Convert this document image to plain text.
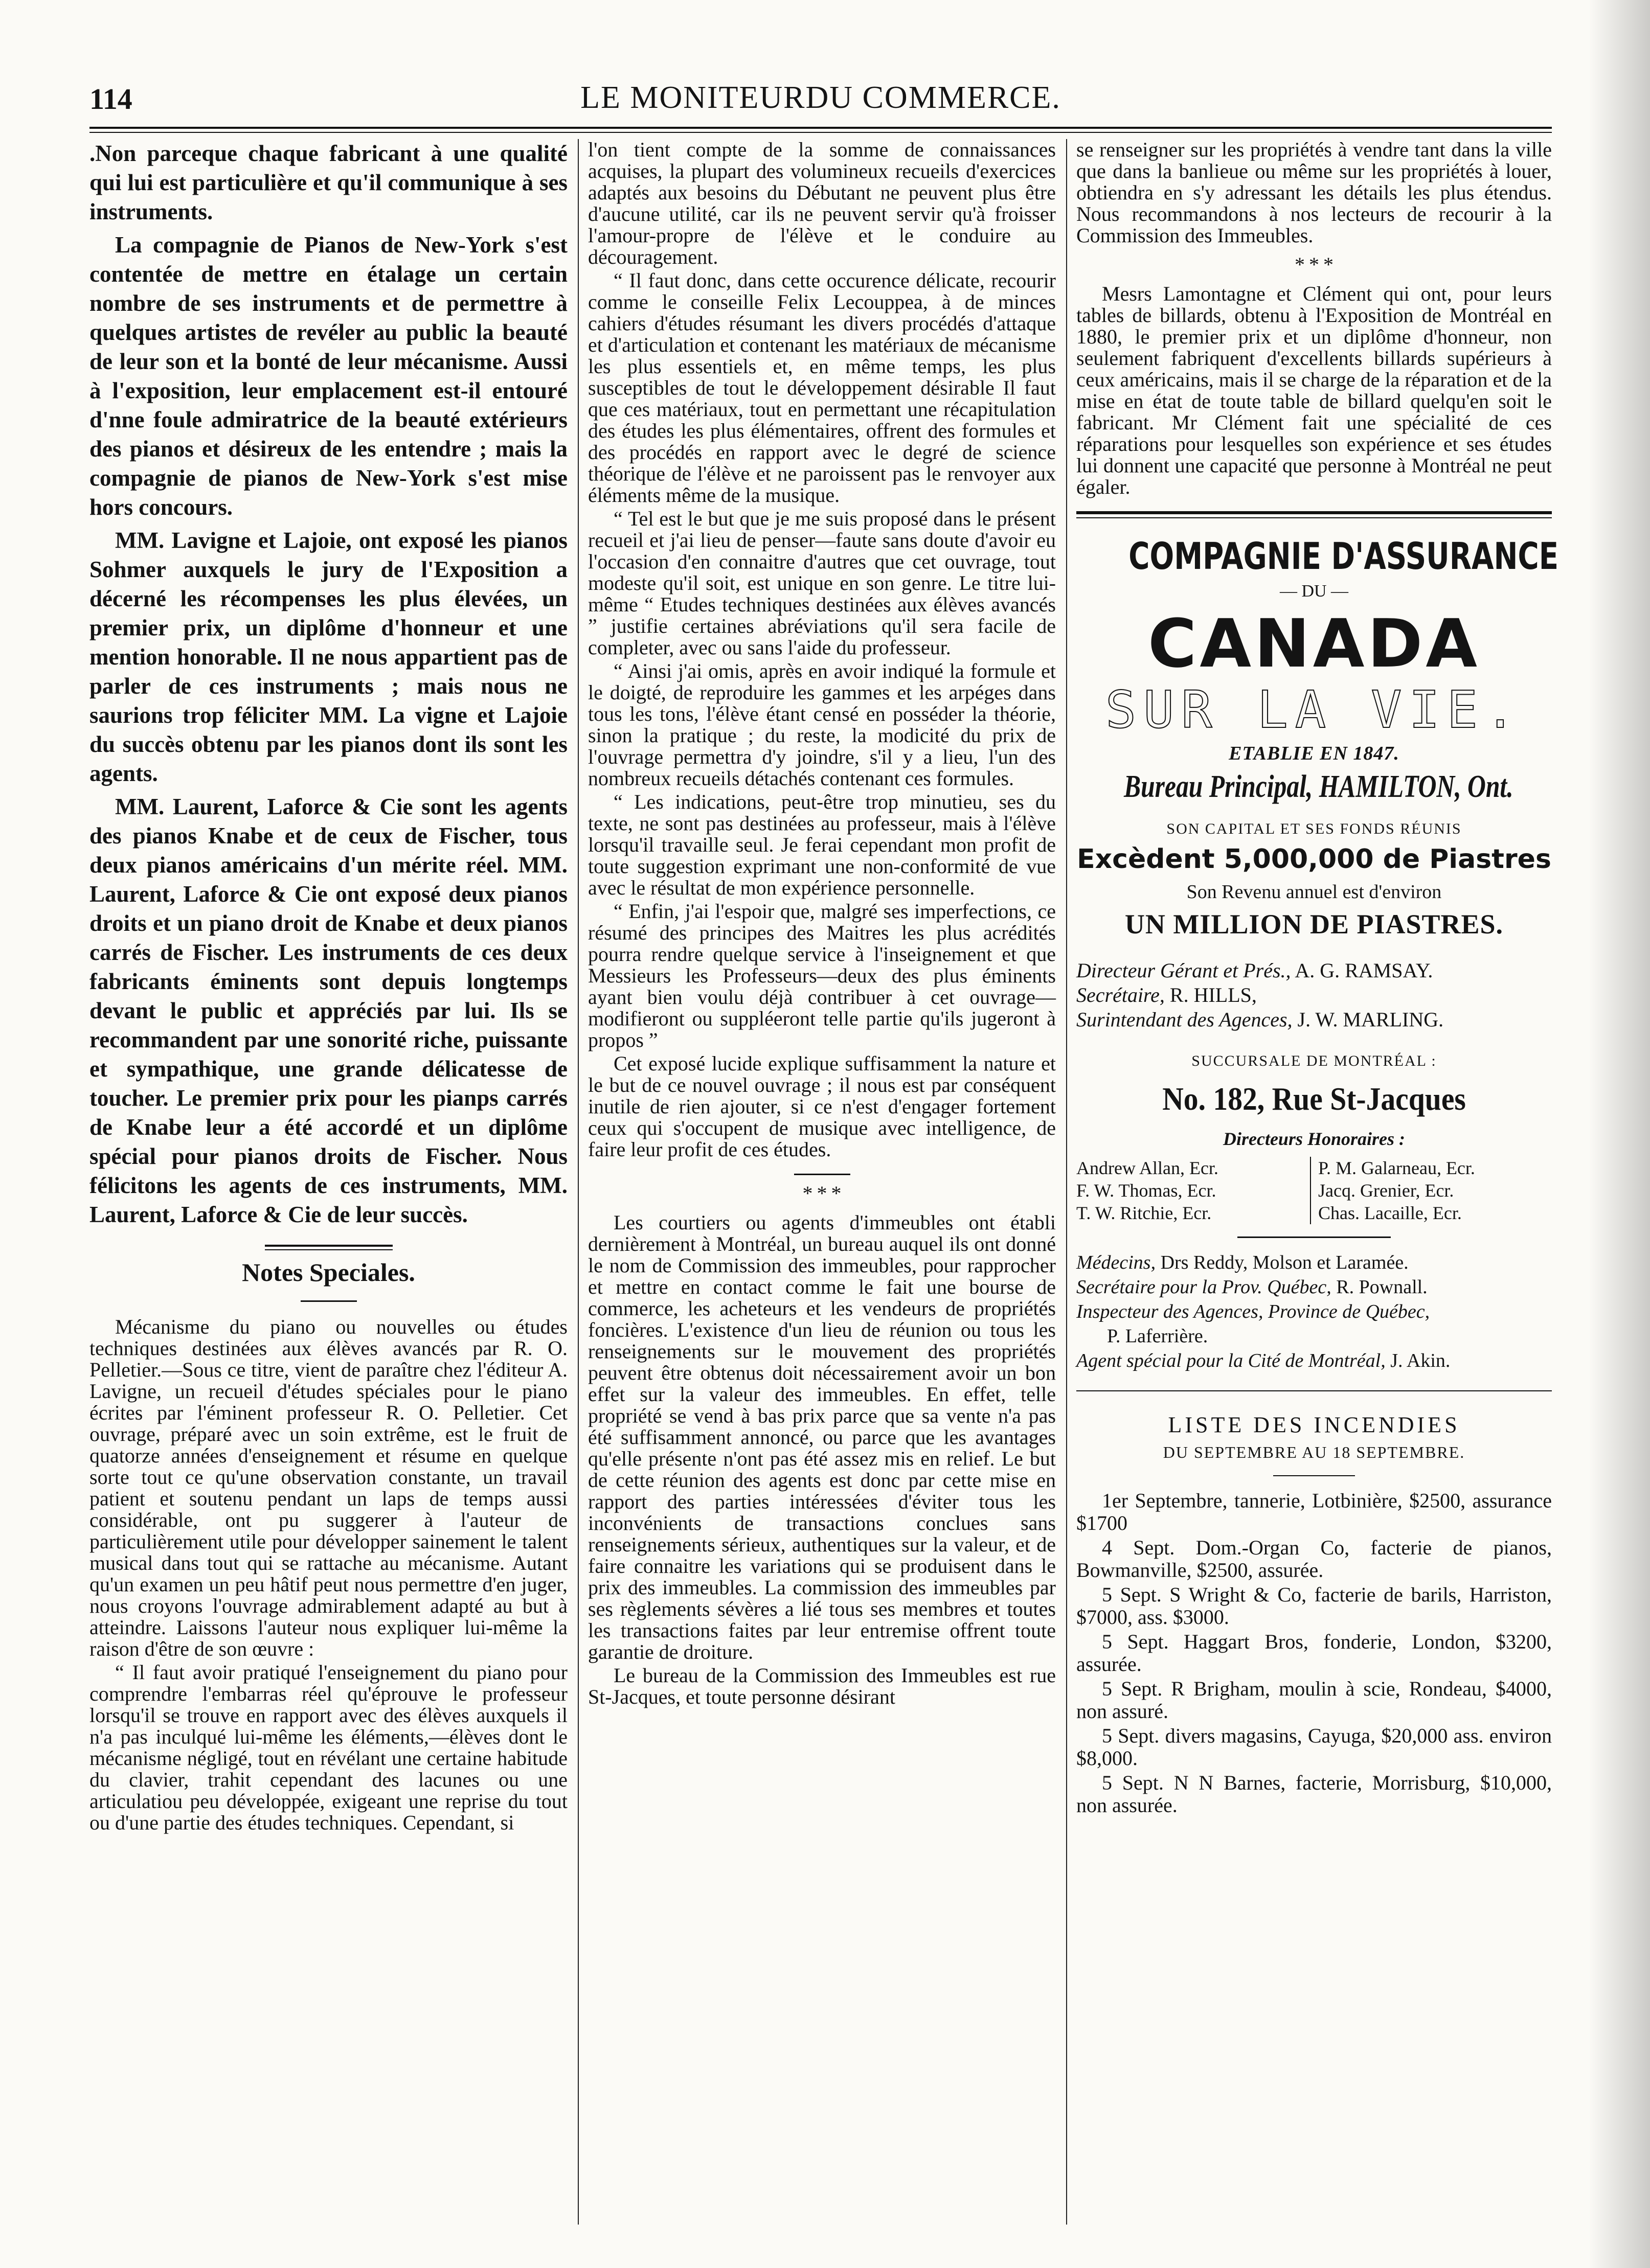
114	LE MONITEURDU COMMERCE.

.Non parceque chaque fabricant à une qualité qui lui est particulière et qu'il communique à ses instruments.

La compagnie de Pianos de New-York s'est contentée de mettre en étalage un certain nombre de ses instruments et de permettre à quelques artistes de revéler au public la beauté de leur son et la bonté de leur mécanisme. Aussi à l'exposition, leur emplacement est-il entouré d'nne foule admiratrice de la beauté extérieurs des pianos et désireux de les entendre ; mais la compagnie de pianos de New-York s'est mise hors concours.

MM. Lavigne et Lajoie, ont exposé les pianos Sohmer auxquels le jury de l'Exposition a décerné les récompenses les plus élevées, un premier prix, un diplôme d'honneur et une mention honorable. Il ne nous appartient pas de parler de ces instruments ; mais nous ne saurions trop féliciter MM. La vigne et Lajoie du succès obtenu par les pianos dont ils sont les agents.

MM. Laurent, Laforce & Cie sont les agents des pianos Knabe et de ceux de Fischer, tous deux pianos américains d'un mérite réel. MM. Laurent, Laforce & Cie ont exposé deux pianos droits et un piano droit de Knabe et deux pianos carrés de Fischer. Les instruments de ces deux fabricants éminents sont depuis longtemps devant le public et appréciés par lui. Ils se recommandent par une sonorité riche, puissante et sympathique, une grande délicatesse de toucher. Le premier prix pour les pianps carrés de Knabe leur a été accordé et un diplôme spécial pour pianos droits de Fischer. Nous félicitons les agents de ces instruments, MM. Laurent, Laforce & Cie de leur succès.

Notes Speciales.

Mécanisme du piano ou nouvelles ou études techniques destinées aux élèves avancés par R. O. Pelletier.—Sous ce titre, vient de paraître chez l'éditeur A. Lavigne, un recueil d'études spéciales pour le piano écrites par l'éminent professeur R. O. Pelletier. Cet ouvrage, préparé avec un soin extrême, est le fruit de quatorze années d'enseignement et résume en quelque sorte tout ce qu'une observation constante, un travail patient et soutenu pendant un laps de temps aussi considérable, ont pu suggerer à l'auteur de particulièrement utile pour développer sainement le talent musical dans tout qui se rattache au mécanisme. Autant qu'un examen un peu hâtif peut nous permettre d'en juger, nous croyons l'ouvrage admirablement adapté au but à atteindre. Laissons l'auteur nous expliquer lui-même la raison d'être de son œuvre :

“ Il faut avoir pratiqué l'enseignement du piano pour comprendre l'embarras réel qu'éprouve le professeur lorsqu'il se trouve en rapport avec des élèves auxquels il n'a pas inculqué lui-même les éléments,—élèves dont le mécanisme négligé, tout en révélant une certaine habitude du clavier, trahit cependant des lacunes ou une articulatiou peu développée, exigeant une reprise du tout ou d'une partie des études techniques. Cependant, si

l'on tient compte de la somme de connaissances acquises, la plupart des volumineux recueils d'exercices adaptés aux besoins du Débutant ne peuvent plus être d'aucune utilité, car ils ne peuvent servir qu'à froisser l'amour-propre de l'élève et le conduire au découragement.

“ Il faut donc, dans cette occurence délicate, recourir comme le conseille Felix Lecouppea, à de minces cahiers d'études résumant les divers procédés d'attaque et d'articulation et contenant les matériaux de mécanisme les plus essentiels et, en même temps, les plus susceptibles de tout le développement désirable Il faut que ces matériaux, tout en permettant une récapitulation des études les plus élémentaires, offrent des formules et des procédés en rapport avec le degré de science théorique de l'élève et ne paroissent pas le renvoyer aux éléments même de la musique.

“ Tel est le but que je me suis proposé dans le présent recueil et j'ai lieu de penser—faute sans doute d'avoir eu l'occasion d'en connaitre d'autres que cet ouvrage, tout modeste qu'il soit, est unique en son genre. Le titre lui-même “ Etudes techniques destinées aux élèves avancés ” justifie certaines abréviations qu'il sera facile de completer, avec ou sans l'aide du professeur.

“ Ainsi j'ai omis, après en avoir indiqué la formule et le doigté, de reproduire les gammes et les arpéges dans tous les tons, l'élève étant censé en posséder la théorie, sinon la pratique ; du reste, la modicité du prix de l'ouvrage permettra d'y joindre, s'il y a lieu, l'un des nombreux recueils détachés contenant ces formules.

“ Les indications, peut-être trop minutieu, ses du texte, ne sont pas destinées au professeur, mais à l'élève lorsqu'il travaille seul. Je ferai cependant mon profit de toute suggestion exprimant une non-conformité de vue avec le résultat de mon expérience personnelle.

“ Enfin, j'ai l'espoir que, malgré ses imperfections, ce résumé des principes des Maitres les plus acrédités pourra rendre quelque service à l'inseignement et que Messieurs les Professeurs—deux des plus éminents ayant bien voulu déjà contribuer à cet ouvrage—modifieront ou suppléeront telle partie qu'ils jugeront à propos ”

Cet exposé lucide explique suffisamment la nature et le but de ce nouvel ouvrage ; il nous est par conséquent inutile de rien ajouter, si ce n'est d'engager fortement ceux qui s'occupent de musique avec intelligence, de faire leur profit de ces études.

* * *

Les courtiers ou agents d'immeubles ont établi dernièrement à Montréal, un bureau auquel ils ont donné le nom de Commission des immeubles, pour rapprocher et mettre en contact comme le fait une bourse de commerce, les acheteurs et les vendeurs de propriétés foncières. L'existence d'un lieu de réunion ou tous les renseignements sur le mouvement des propriétés peuvent être obtenus doit nécessairement avoir un bon effet sur la valeur des immeubles. En effet, telle propriété se vend à bas prix parce que sa vente n'a pas été suffisamment annoncé, ou parce que les avantages qu'elle présente n'ont pas été assez mis en relief. Le but de cette réunion des agents est donc par cette mise en rapport des parties intéressées d'éviter tous les inconvénients de transactions conclues sans renseignements sérieux, authentiques sur la valeur, et de faire connaitre les variations qui se produisent dans le prix des immeubles. La commission des immeubles par ses règlements sévères a lié tous ses membres et toutes les transactions faites par leur entremise offrent toute garantie de droiture.

Le bureau de la Commission des Immeubles est rue St-Jacques, et toute personne désirant

se renseigner sur les propriétés à vendre tant dans la ville que dans la banlieue ou même sur les propriétés à louer, obtiendra en s'y adressant les détails les plus étendus. Nous recommandons à nos lecteurs de recourir à la Commission des Immeubles.

* * *

Mesrs Lamontagne et Clément qui ont, pour leurs tables de billards, obtenu à l'Exposition de Montréal en 1880, le premier prix et un diplôme d'honneur, non seulement fabriquent d'excellents billards supérieurs à ceux américains, mais il se charge de la réparation et de la mise en état de toute table de billard quelqu'en soit le fabricant. Mr Clément fait une spécialité de ces réparations pour lesquelles son expérience et ses études lui donnent une capacité que personne à Montréal ne peut égaler.

COMPAGNIE D'ASSURANCE
— DU —
CANADA
SUR LA VIE.
ETABLIE EN 1847.
Bureau Principal, HAMILTON, Ont.
SON CAPITAL ET SES FONDS RÉUNIS
Excèdent 5,000,000 de Piastres
Son Revenu annuel est d'environ
UN MILLION DE PIASTRES.
Directeur Gérant et Prés., A. G. RAMSAY.
Secrétaire, R. HILLS,
Surintendant des Agences, J. W. MARLING.
SUCCURSALE DE MONTRÉAL :
No. 182, Rue St-Jacques
Directeurs Honoraires :
Andrew Allan, Ecr.
F. W. Thomas, Ecr.
T. W. Ritchie, Ecr.
P. M. Galarneau, Ecr.
Jacq. Grenier, Ecr.
Chas. Lacaille, Ecr.
Médecins, Drs Reddy, Molson et Laramée.
Secrétaire pour la Prov. Québec, R. Pownall.
Inspecteur des Agences, Province de Québec,
P. Laferrière.
Agent spécial pour la Cité de Montréal, J. Akin.
LISTE DES INCENDIES
DU SEPTEMBRE AU 18 SEPTEMBRE.

1er Septembre, tannerie, Lotbinière, $2500, assurance $1700

4 Sept. Dom.-Organ Co, facterie de pianos, Bowmanville, $2500, assurée.

5 Sept. S Wright & Co, facterie de barils, Harriston, $7000, ass. $3000.

5 Sept. Haggart Bros, fonderie, London, $3200, assurée.

5 Sept. R Brigham, moulin à scie, Rondeau, $4000, non assuré.

5 Sept. divers magasins, Cayuga, $20,000 ass. environ $8,000.

5 Sept. N N Barnes, facterie, Morrisburg, $10,000, non assurée.
